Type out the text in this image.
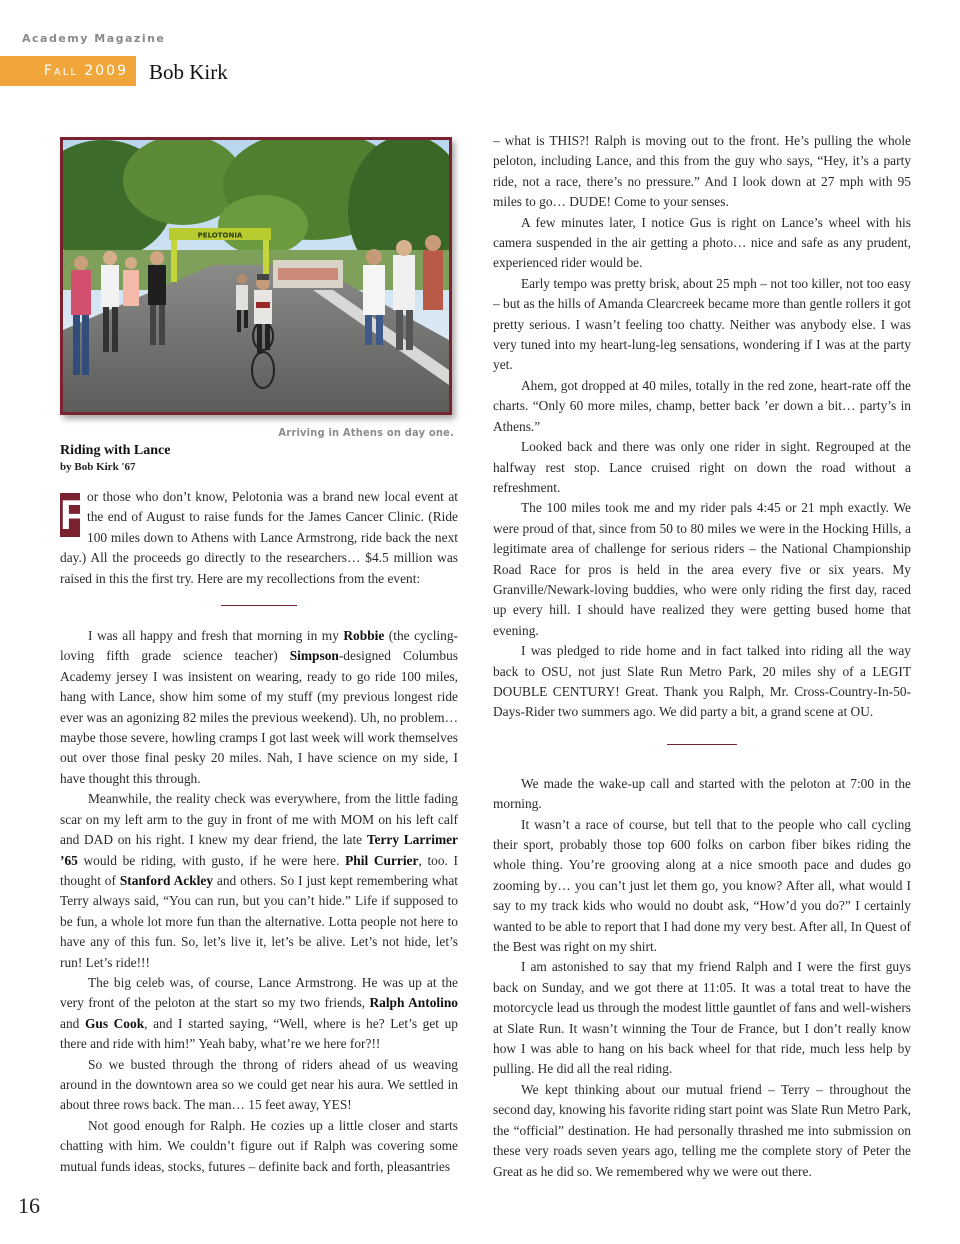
Academy Magazine
Fall 2009	Bob Kirk
PELOTONIA
Arriving in Athens on day one.
Riding with Lance
by Bob Kirk '67

F or those who don’t know, Pelotonia was a brand new local event at the end of August to raise funds for the James Cancer Clinic. (Ride 100 miles down to Athens with Lance Armstrong, ride back the next day.) All the proceeds go directly to the researchers… $4.5 million was raised in this the first try. Here are my recollections from the event:

I was all happy and fresh that morning in my Robbie (the cycling-loving fifth grade science teacher) Simpson-designed Columbus Academy jersey I was insistent on wearing, ready to go ride 100 miles, hang with Lance, show him some of my stuff (my previous longest ride ever was an agonizing 82 miles the previous weekend). Uh, no problem… maybe those severe, howling cramps I got last week will work themselves out over those final pesky 20 miles. Nah, I have science on my side, I have thought this through.

Meanwhile, the reality check was everywhere, from the little fading scar on my left arm to the guy in front of me with MOM on his left calf and DAD on his right. I knew my dear friend, the late Terry Larrimer ’65 would be riding, with gusto, if he were here. Phil Currier, too. I thought of Stanford Ackley and others. So I just kept remembering what Terry always said, “You can run, but you can’t hide.” Life if supposed to be fun, a whole lot more fun than the alternative. Lotta people not here to have any of this fun. So, let’s live it, let’s be alive. Let’s not hide, let’s run! Let’s ride!!!

The big celeb was, of course, Lance Armstrong. He was up at the very front of the peloton at the start so my two friends, Ralph Antolino and Gus Cook, and I started saying, “Well, where is he? Let’s get up there and ride with him!” Yeah baby, what’re we here for?!!

So we busted through the throng of riders ahead of us weaving around in the downtown area so we could get near his aura. We settled in about three rows back. The man… 15 feet away, YES!

Not good enough for Ralph. He cozies up a little closer and starts chatting with him. We couldn’t figure out if Ralph was covering some mutual funds ideas, stocks, futures – definite back and forth, pleasantries

– what is THIS?! Ralph is moving out to the front. He’s pulling the whole peloton, including Lance, and this from the guy who says, “Hey, it’s a party ride, not a race, there’s no pressure.” And I look down at 27 mph with 95 miles to go… DUDE! Come to your senses.

A few minutes later, I notice Gus is right on Lance’s wheel with his camera suspended in the air getting a photo… nice and safe as any prudent, experienced rider would be.

Early tempo was pretty brisk, about 25 mph – not too killer, not too easy – but as the hills of Amanda Clearcreek became more than gentle rollers it got pretty serious. I wasn’t feeling too chatty. Neither was anybody else. I was very tuned into my heart-lung-leg sensations, wondering if I was at the party yet.

Ahem, got dropped at 40 miles, totally in the red zone, heart-rate off the charts. “Only 60 more miles, champ, better back ’er down a bit… party’s in Athens.”

Looked back and there was only one rider in sight. Regrouped at the halfway rest stop. Lance cruised right on down the road without a refreshment.

The 100 miles took me and my rider pals 4:45 or 21 mph exactly. We were proud of that, since from 50 to 80 miles we were in the Hocking Hills, a legitimate area of challenge for serious riders – the National Championship Road Race for pros is held in the area every five or six years. My Granville/Newark-loving buddies, who were only riding the first day, raced up every hill. I should have realized they were getting bused home that evening.

I was pledged to ride home and in fact talked into riding all the way back to OSU, not just Slate Run Metro Park, 20 miles shy of a LEGIT DOUBLE CENTURY! Great. Thank you Ralph, Mr. Cross-Country-In-50-Days-Rider two summers ago. We did party a bit, a grand scene at OU.

We made the wake-up call and started with the peloton at 7:00 in the morning.

It wasn’t a race of course, but tell that to the people who call cycling their sport, probably those top 600 folks on carbon fiber bikes riding the whole thing. You’re grooving along at a nice smooth pace and dudes go zooming by… you can’t just let them go, you know? After all, what would I say to my track kids who would no doubt ask, “How’d you do?” I certainly wanted to be able to report that I had done my very best. After all, In Quest of the Best was right on my shirt.

I am astonished to say that my friend Ralph and I were the first guys back on Sunday, and we got there at 11:05. It was a total treat to have the motorcycle lead us through the modest little gauntlet of fans and well-wishers at Slate Run. It wasn’t winning the Tour de France, but I don’t really know how I was able to hang on his back wheel for that ride, much less help by pulling. He did all the real riding.

We kept thinking about our mutual friend – Terry – throughout the second day, knowing his favorite riding start point was Slate Run Metro Park, the “official” destination. He had personally thrashed me into submission on these very roads seven years ago, telling me the complete story of Peter the Great as he did so. We remembered why we were out there.

16
